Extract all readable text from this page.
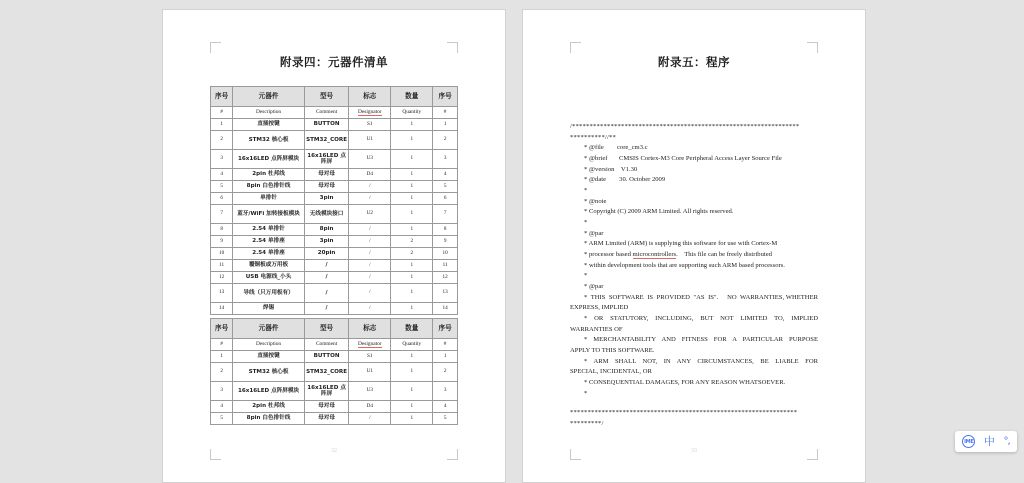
附录四：元器件清单
序号	元器件	型号	标志	数量	序号
#	Description	Comment	Designator	Quantity	#
1	直插按键	BUTTON	S1	1	1
2	STM32 核心板	STM32_CORE	U1	1	2
3	16x16LED 点阵屏模块	16x16LED 点阵屏	U3	1	3
4	2pin 杜邦线	母对母	D4	1	4
5	8pin 白色排针线	母对母	/	1	5
6	单排针	3pin	/	1	6
7	蓝牙/WiFi 加转接板模块	无线模块接口	U2	1	7
8	2.54 单排针	8pin	/	1	8
9	2.54 单排座	3pin	/	2	9
10	2.54 单排座	20pin	/	2	10
11	覆铜板或万用板	/	/	1	11
12	USB 电源线_小头	/	/	1	12
13	导线（只万用板有）	/	/	1	13
14	焊锡	/	/	1	14
序号	元器件	型号	标志	数量	序号
#	Description	Comment	Designator	Quantity	#
1	直插按键	BUTTON	S1	1	1
2	STM32 核心板	STM32_CORE	U1	1	2
3	16x16LED 点阵屏模块	16x16LED 点阵屏	U3	1	3
4	2pin 杜邦线	母对母	D4	1	4
5	8pin 白色排针线	母对母	/	1	5
32
附录五：程序
/*****************************************************************
**********//**
* @file        core_cm3.c
* @brief       CMSIS Cortex-M3 Core Peripheral Access Layer Source File
* @version    V1.30
* @date        30. October 2009
*
* @note
* Copyright (C) 2009 ARM Limited. All rights reserved.
*
* @par
* ARM Limited (ARM) is supplying this software for use with Cortex-M
* processor based microcontrollers.    This file can be freely distributed
* within development tools that are supporting such ARM based processors.
*
* @par
*  THIS  SOFTWARE  IS  PROVIDED  "AS  IS".     NO  WARRANTIES, WHETHER EXPRESS, IMPLIED
*  OR  STATUTORY,  INCLUDING,  BUT  NOT  LIMITED  TO,  IMPLIED WARRANTIES OF
*  MERCHANTABILITY  AND  FITNESS  FOR  A  PARTICULAR  PURPOSE APPLY TO THIS SOFTWARE.
*  ARM  SHALL  NOT,  IN  ANY  CIRCUMSTANCES,  BE  LIABLE  FOR SPECIAL, INCIDENTAL, OR
* CONSEQUENTIAL DAMAGES, FOR ANY REASON WHATSOEVER.
*
*****************************************************************
*********/
33
IME 中 °,
